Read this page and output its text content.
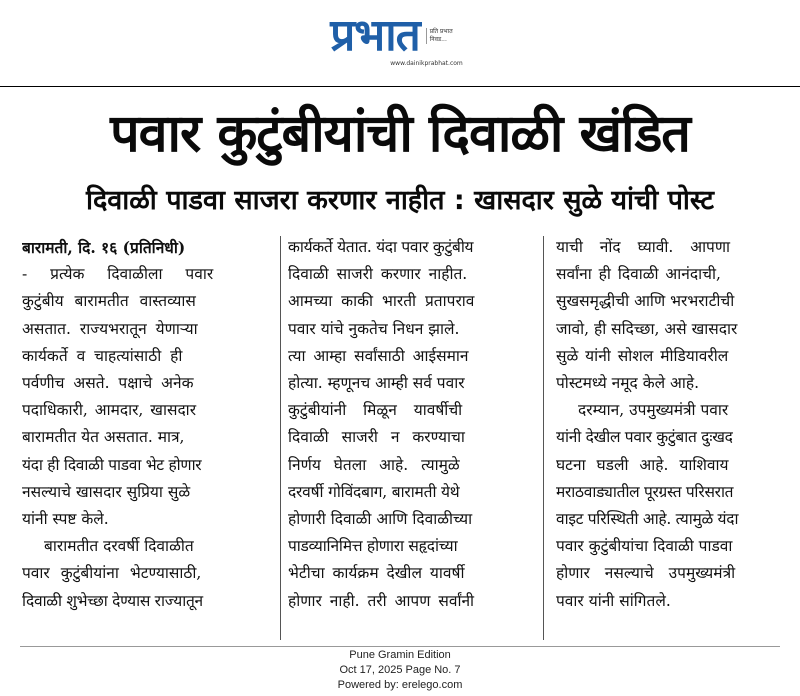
प्रभात	प्रति प्रभात निवड...
www.dainikprabhat.com
पवार कुटुंबीयांची दिवाळी खंडित
दिवाळी पाडवा साजरा करणार नाहीत : खासदार सुळे यांची पोस्ट
बारामती, दि. १६ (प्रतिनिधी)
- प्रत्येक दिवाळीला पवार
कुटुंबीय बारामतीत वास्तव्यास
असतात. राज्यभरातून येणाऱ्या
कार्यकर्ते व चाहत्यांसाठी ही
पर्वणीच असते. पक्षाचे अनेक
पदाधिकारी, आमदार, खासदार
बारामतीत येत असतात. मात्र,
यंदा ही दिवाळी पाडवा भेट होणार
नसल्याचे खासदार सुप्रिया सुळे
यांनी स्पष्ट केले.
बारामतीत दरवर्षी दिवाळीत
पवार कुटुंबीयांना भेटण्यासाठी,
दिवाळी शुभेच्छा देण्यास राज्यातून
कार्यकर्ते येतात. यंदा पवार कुटुंबीय
दिवाळी साजरी करणार नाहीत.
आमच्या काकी भारती प्रतापराव
पवार यांचे नुकतेच निधन झाले.
त्या आम्हा सर्वांसाठी आईसमान
होत्या. म्हणूनच आम्ही सर्व पवार
कुटुंबीयांनी मिळून यावर्षीची
दिवाळी साजरी न करण्याचा
निर्णय घेतला आहे. त्यामुळे
दरवर्षी गोविंदबाग, बारामती येथे
होणारी दिवाळी आणि दिवाळीच्या
पाडव्यानिमित्त होणारा सहृदांच्या
भेटीचा कार्यक्रम देखील यावर्षी
होणार नाही. तरी आपण सर्वांनी
याची नोंद घ्यावी. आपणा
सर्वांना ही दिवाळी आनंदाची,
सुखसमृद्धीची आणि भरभराटीची
जावो, ही सदिच्छा, असे खासदार
सुळे यांनी सोशल मीडियावरील
पोस्टमध्ये नमूद केले आहे.
दरम्यान, उपमुख्यमंत्री पवार
यांनी देखील पवार कुटुंबात दुःखद
घटना घडली आहे. याशिवाय
मराठवाड्यातील पूरग्रस्त परिसरात
वाइट परिस्थिती आहे. त्यामुळे यंदा
पवार कुटुंबीयांचा दिवाळी पाडवा
होणार नसल्याचे उपमुख्यमंत्री
पवार यांनी सांगितले.
Pune Gramin Edition
Oct 17, 2025 Page No. 7
Powered by: erelego.com
